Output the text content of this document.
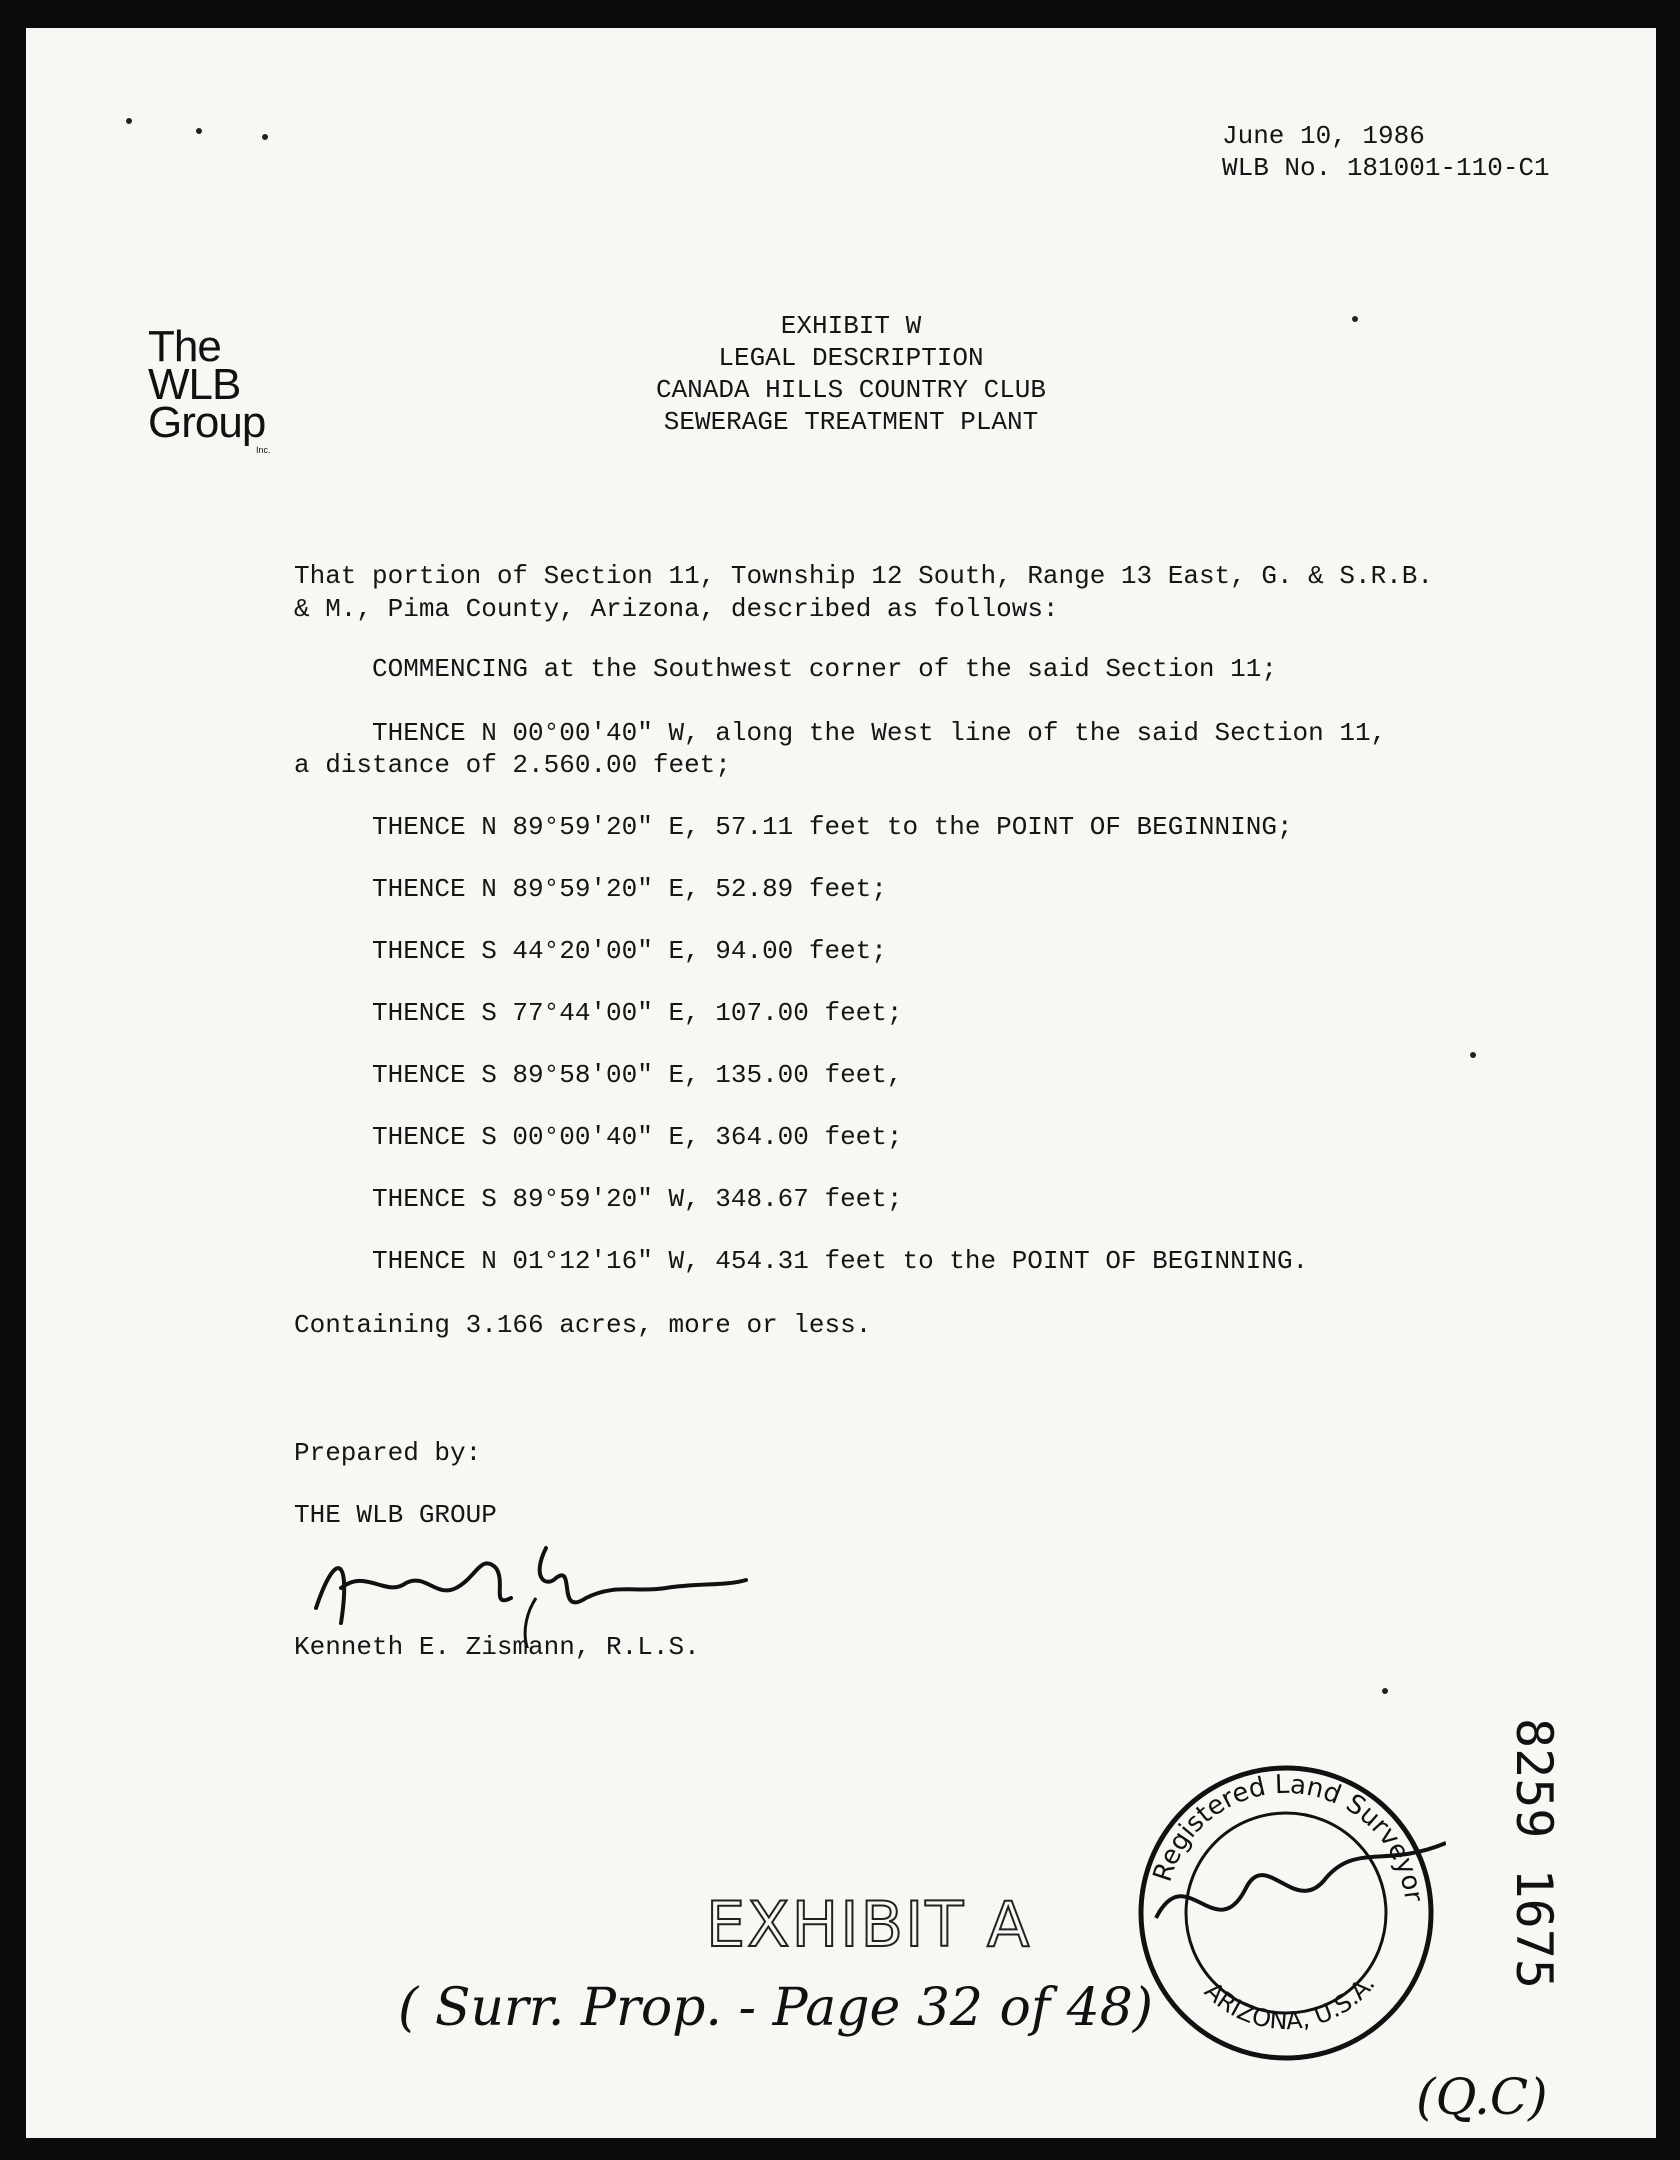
June 10, 1986
WLB No. 181001-110-C1
The
WLB
Group
Inc.
EXHIBIT W
LEGAL DESCRIPTION
CANADA HILLS COUNTRY CLUB
SEWERAGE TREATMENT PLANT
That portion of Section 11, Township 12 South, Range 13 East, G. & S.R.B.
& M., Pima County, Arizona, described as follows:
COMMENCING at the Southwest corner of the said Section 11;
THENCE N 00°00'40" W, along the West line of the said Section 11,
a distance of 2.560.00 feet;
THENCE N 89°59'20" E, 57.11 feet to the POINT OF BEGINNING;
THENCE N 89°59'20" E, 52.89 feet;
THENCE S 44°20'00" E, 94.00 feet;
THENCE S 77°44'00" E, 107.00 feet;
THENCE S 89°58'00" E, 135.00 feet,
THENCE S 00°00'40" E, 364.00 feet;
THENCE S 89°59'20" W, 348.67 feet;
THENCE N 01°12'16" W, 454.31 feet to the POINT OF BEGINNING.
Containing 3.166 acres, more or less.
Prepared by:
THE WLB GROUP
Kenneth E. Zismann, R.L.S.
EXHIBIT A
( Surr. Prop. - Page 32 of 48)
(Q.C)
8259 1675
Registered Land Surveyor
ARIZONA, U.S.A.
